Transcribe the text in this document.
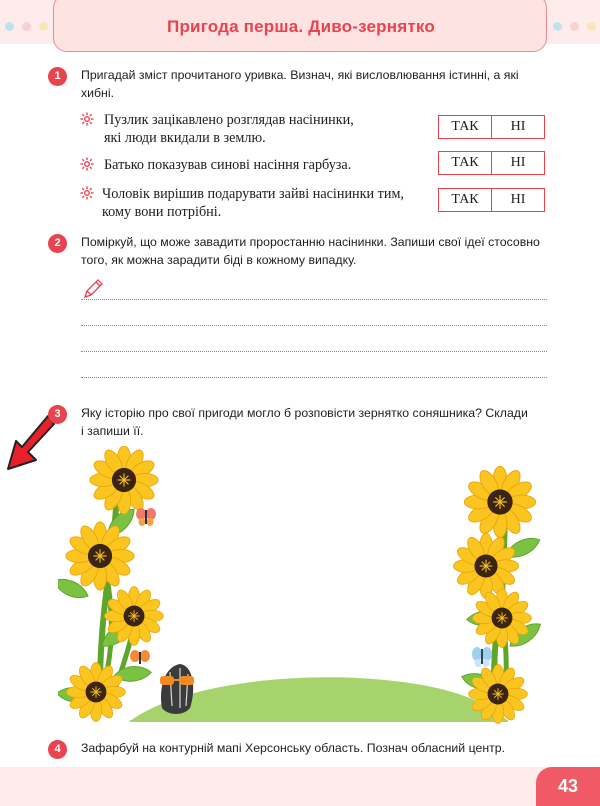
Пригода перша. Диво-зернятко
1	Пригадай зміст прочитаного уривка. Визнач, які висловлювання істинні, а які
хибні.
Пузлик зацікавлено розглядав насінинки,
які люди вкидали в землю.
ТАК	НІ
Батько показував синові насіння гарбуза.	ТАК	НІ
Чоловік вирішив подарувати зайві насінинки тим,
кому вони потрібні.
ТАК	НІ
2	Поміркуй, що може завадити проростанню насінинки. Запиши свої ідеї стосовно
того, як можна зарадити біді в кожному випадку.
3	Яку історію про свої пригоди могло б розповісти зернятко соняшника? Склади
і запиши її.
4	Зафарбуй на контурній мапі Херсонську область. Познач обласний центр.
43
